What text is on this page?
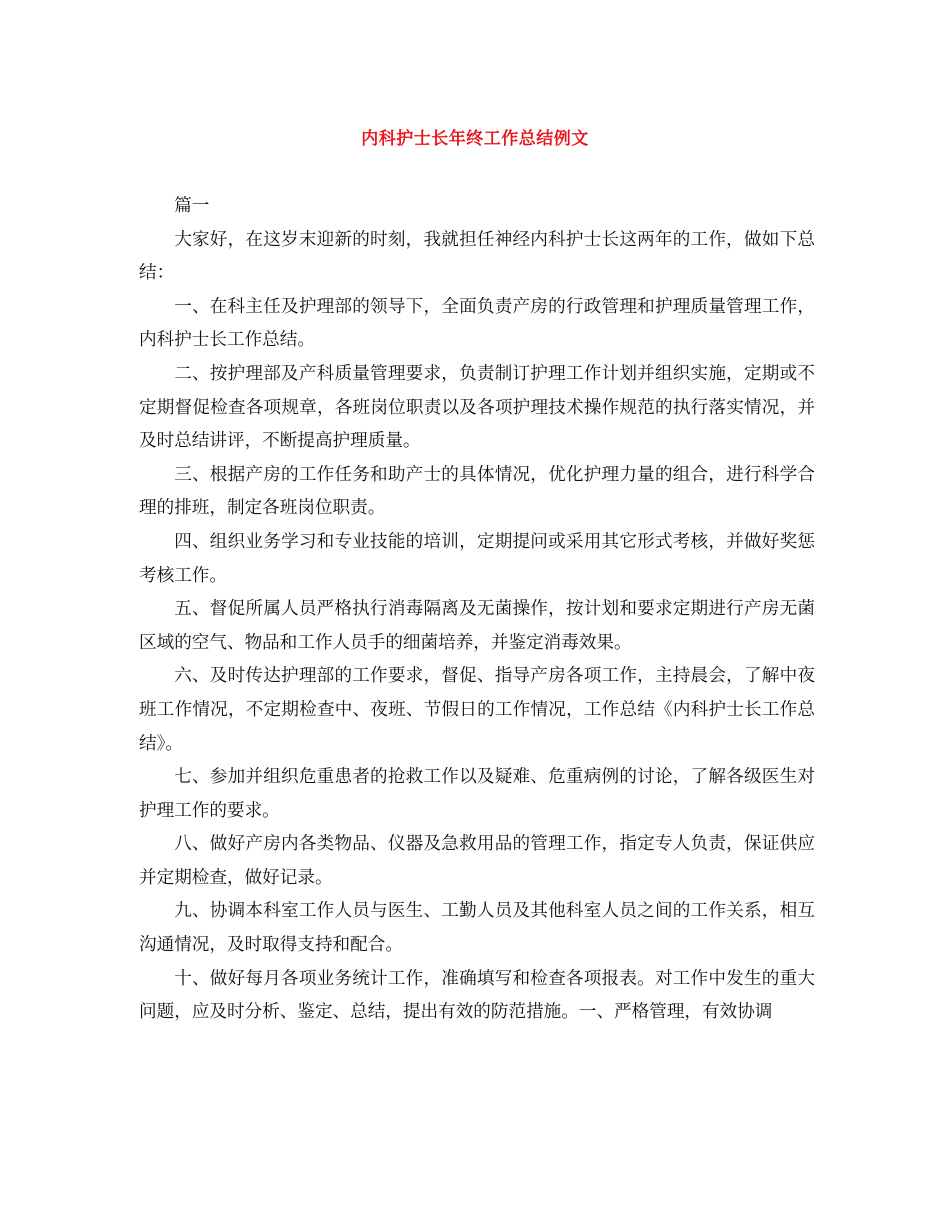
内科护士长年终工作总结例文

篇一

大家好，在这岁末迎新的时刻，我就担任神经内科护士长这两年的工作，做如下总结：

一、在科主任及护理部的领导下，全面负责产房的行政管理和护理质量管理工作，内科护士长工作总结。

二、按护理部及产科质量管理要求，负责制订护理工作计划并组织实施，定期或不定期督促检查各项规章，各班岗位职责以及各项护理技术操作规范的执行落实情况，并及时总结讲评，不断提高护理质量。

三、根据产房的工作任务和助产士的具体情况，优化护理力量的组合，进行科学合理的排班，制定各班岗位职责。

四、组织业务学习和专业技能的培训，定期提问或采用其它形式考核，并做好奖惩考核工作。

五、督促所属人员严格执行消毒隔离及无菌操作，按计划和要求定期进行产房无菌区域的空气、物品和工作人员手的细菌培养，并鉴定消毒效果。

六、及时传达护理部的工作要求，督促、指导产房各项工作，主持晨会，了解中夜班工作情况，不定期检查中、夜班、节假日的工作情况，工作总结《内科护士长工作总结》。

七、参加并组织危重患者的抢救工作以及疑难、危重病例的讨论，了解各级医生对护理工作的要求。

八、做好产房内各类物品、仪器及急救用品的管理工作，指定专人负责，保证供应并定期检查，做好记录。

九、协调本科室工作人员与医生、工勤人员及其他科室人员之间的工作关系，相互沟通情况，及时取得支持和配合。

十、做好每月各项业务统计工作，准确填写和检查各项报表。对工作中发生的重大问题，应及时分析、鉴定、总结，提出有效的防范措施。一、严格管理，有效协调
